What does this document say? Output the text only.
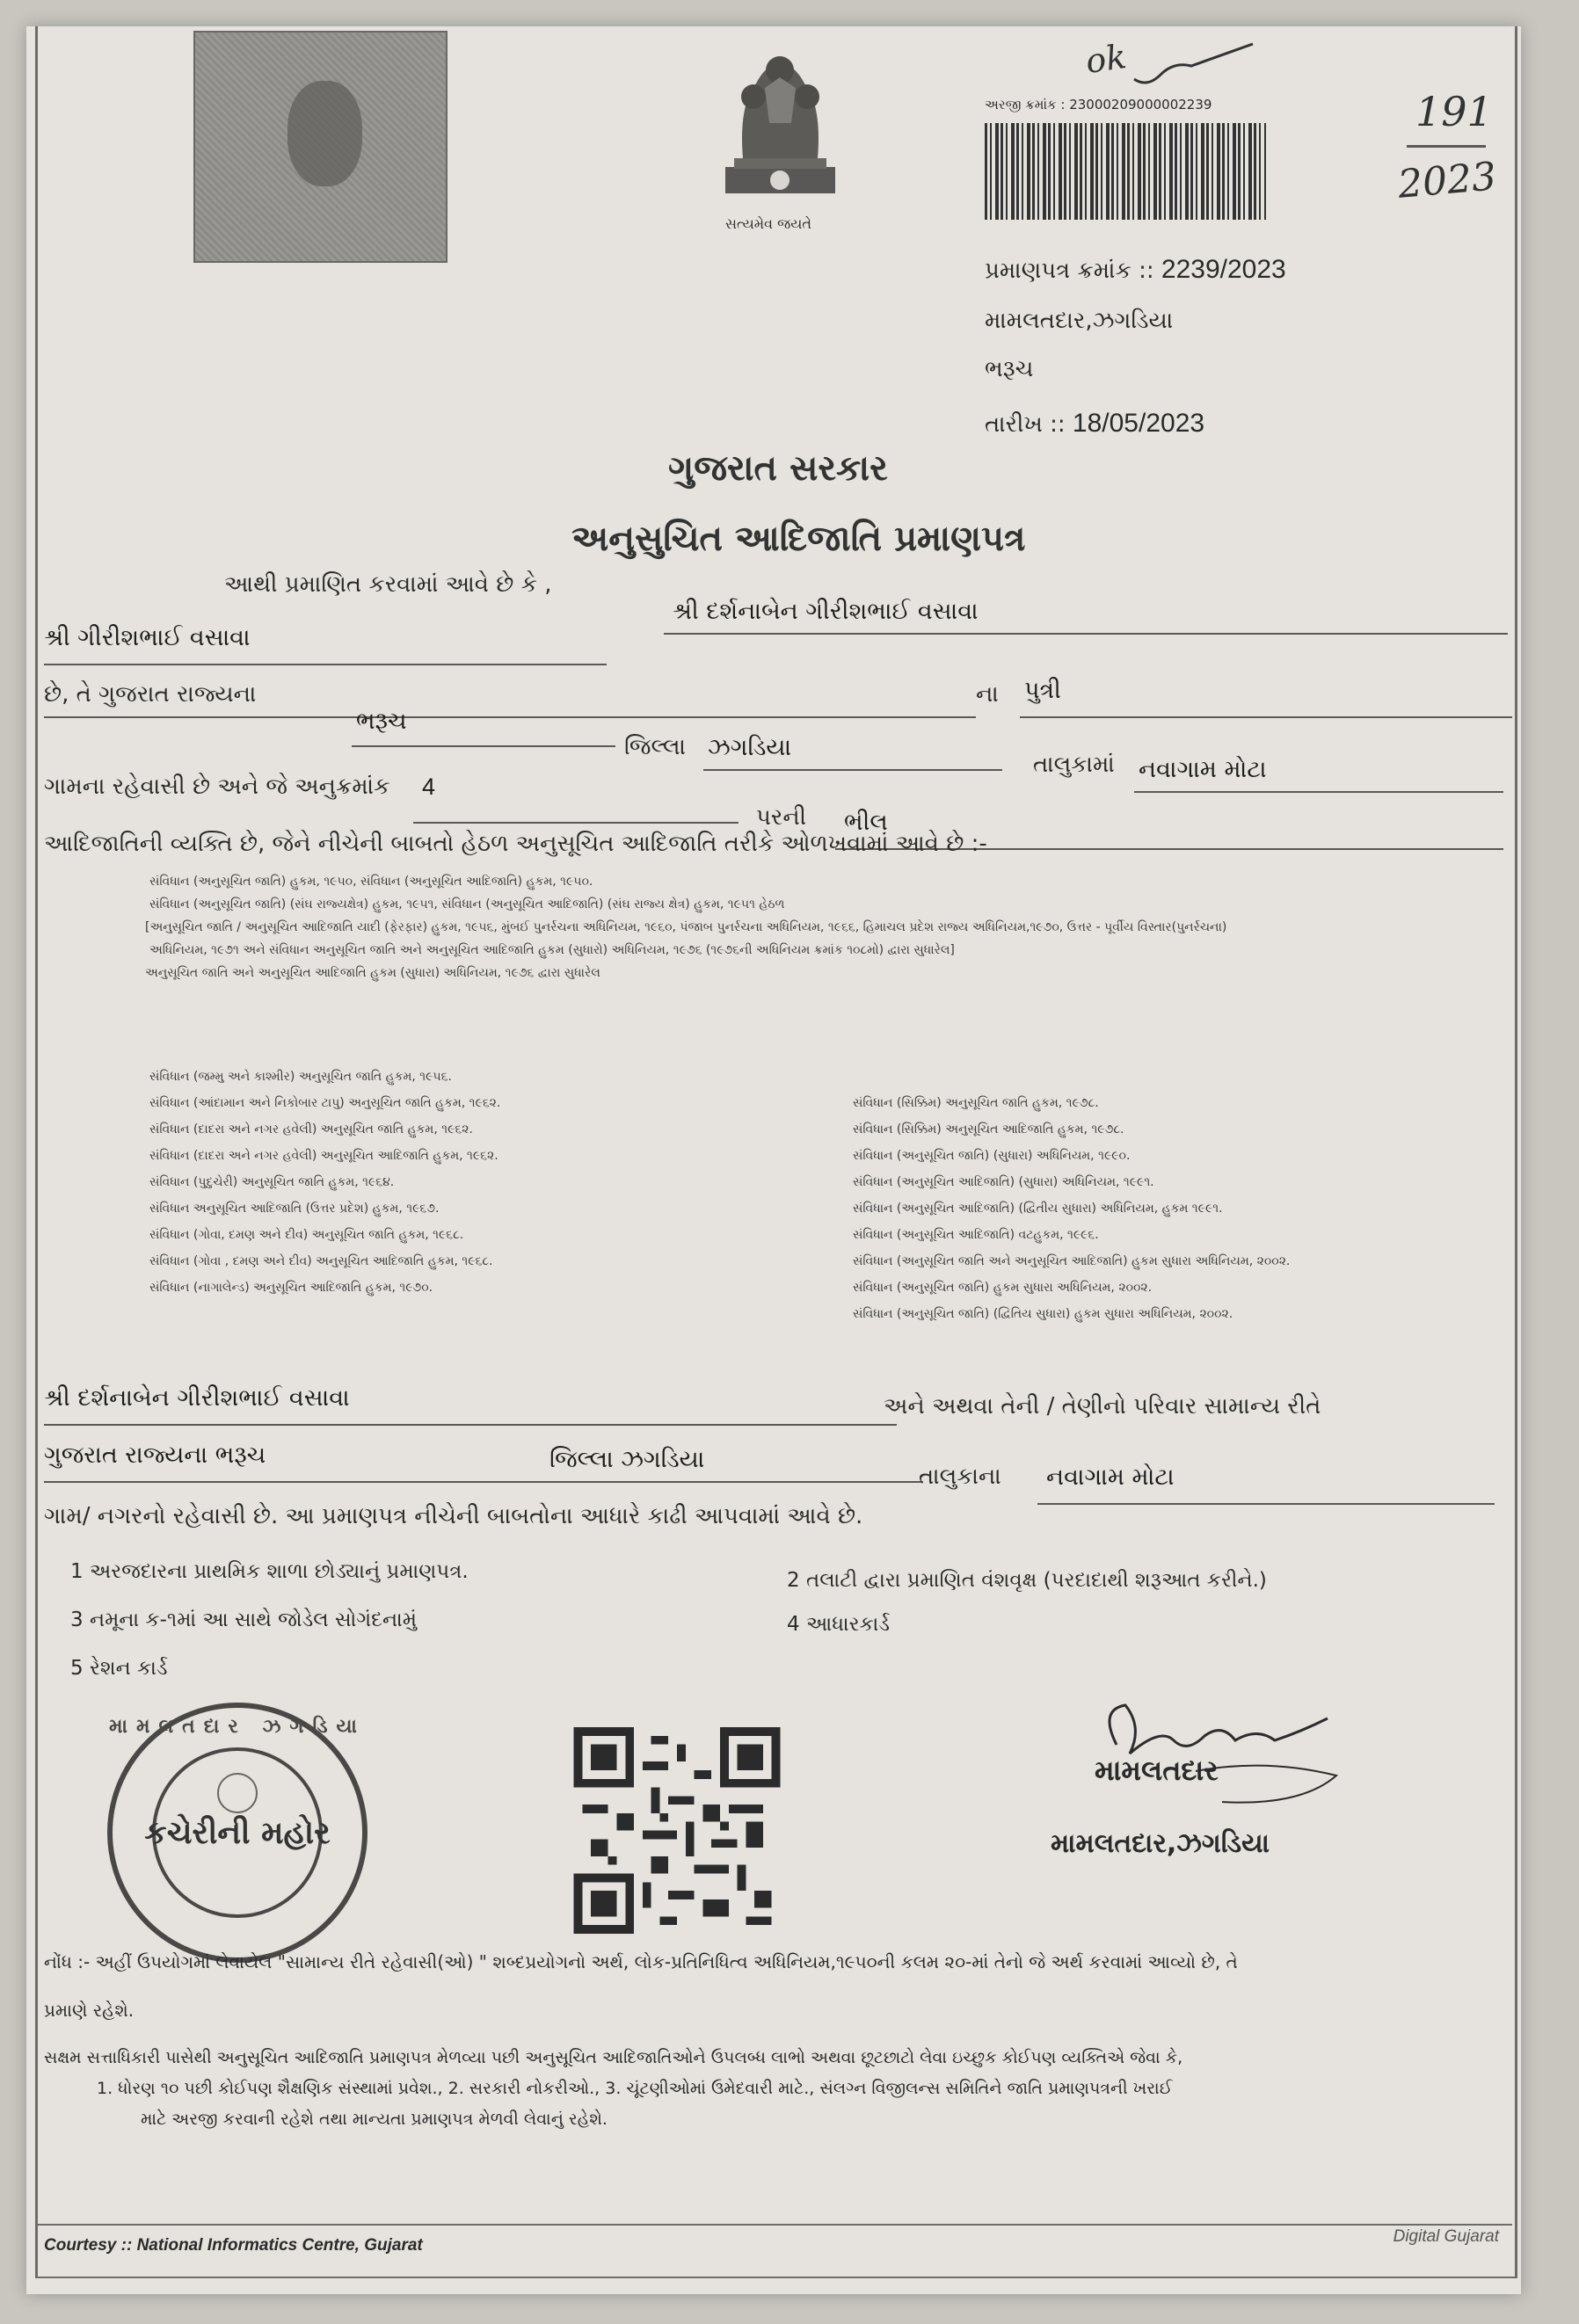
સત્યમેવ જયતે
અરજી ક્રમાંક : 23000209000002239
ok
191
2023
પ્રમાણપત્ર ક્રમાંક :: 2239/2023
મામલતદાર,ઝગડિયા
ભરૂચ
તારીખ :: 18/05/2023
ગુજરાત સરકાર
અનુસુચિત આદિજાતિ પ્રમાણપત્ર
આથી પ્રમાણિત કરવામાં આવે છે કે ,
શ્રી દર્શનાબેન ગીરીશભાઈ વસાવા
શ્રી ગીરીશભાઈ વસાવા
છે, તે ગુજરાત રાજ્યના	ના પુત્રી
ભરૂચ
જિલ્લા ઝગડિયા
તાલુકામાં નવાગામ મોટા
ગામના રહેવાસી છે અને જે અનુક્રમાંક 4
પરની ભીલ
આદિજાતિની વ્યક્તિ છે, જેને નીચેની બાબતો હેઠળ અનુસૂચિત આદિજાતિ તરીકે ઓળખવામાં આવે છે :-
સંવિધાન (અનુસૂચિત જાતિ) હુકમ, ૧૯૫૦, સંવિધાન (અનુસૂચિત આદિજાતિ) હુકમ, ૧૯૫૦.
સંવિધાન (અનુસૂચિત જાતિ) (સંઘ રાજ્યક્ષેત્ર) હુકમ, ૧૯૫૧, સંવિધાન (અનુસૂચિત આદિજાતિ) (સંઘ રાજ્ય ક્ષેત્ર) હુકમ, ૧૯૫૧ હેઠળ
[અનુસૂચિત જાતિ / અનુસૂચિત આદિજાતિ યાદી (ફેરફાર) હુકમ, ૧૯૫૬, મુંબઈ પુનર્રચના અધિનિયમ, ૧૯૬૦, પંજાબ પુનર્રચના અધિનિયમ, ૧૯૬૬, હિમાચલ પ્રદેશ રાજ્ય અધિનિયમ,૧૯૭૦, ઉત્તર - પૂર્વીય વિસ્તાર(પુનર્રચના)
અધિનિયમ, ૧૯૭૧ અને સંવિધાન અનુસૂચિત જાતિ અને અનુસૂચિત આદિજાતિ હુકમ (સુધારો) અધિનિયમ, ૧૯૭૬ (૧૯૭૬ની અધિનિયમ ક્રમાંક ૧૦૮મો) દ્વારા સુધારેલ]
અનુસૂચિત જાતિ અને અનુસૂચિત આદિજાતિ હુકમ (સુધારા) અધિનિયમ, ૧૯૭૬ દ્વારા સુધારેલ
સંવિધાન (જમ્મુ અને કાશ્મીર) અનુસૂચિત જાતિ હુકમ, ૧૯૫૬.
સંવિધાન (આંદામાન અને નિકોબાર ટાપુ) અનુસૂચિત જાતિ હુકમ, ૧૯૬૨.
સંવિધાન (દાદરા અને નગર હવેલી) અનુસૂચિત જાતિ હુકમ, ૧૯૬૨.
સંવિધાન (દાદરા અને નગર હવેલી) અનુસૂચિત આદિજાતિ હુકમ, ૧૯૬૨.
સંવિધાન (પુદુચેરી) અનુસૂચિત જાતિ હુકમ, ૧૯૬૪.
સંવિધાન અનુસૂચિત આદિજાતિ (ઉત્તર પ્રદેશ) હુકમ, ૧૯૬૭.
સંવિધાન (ગોવા, દમણ અને દીવ) અનુસૂચિત જાતિ હુકમ, ૧૯૬૮.
સંવિધાન (ગોવા , દમણ અને દીવ) અનુસૂચિત આદિજાતિ હુકમ, ૧૯૬૮.
સંવિધાન (નાગાલેન્ડ) અનુસૂચિત આદિજાતિ હુકમ, ૧૯૭૦.
સંવિધાન (સિક્કિમ) અનુસૂચિત જાતિ હુકમ, ૧૯૭૮.
સંવિધાન (સિક્કિમ) અનુસૂચિત આદિજાતિ હુકમ, ૧૯૭૮.
સંવિધાન (અનુસૂચિત જાતિ) (સુધારા) અધિનિયમ, ૧૯૯૦.
સંવિધાન (અનુસૂચિત આદિજાતિ) (સુધારા) અધિનિયમ, ૧૯૯૧.
સંવિધાન (અનુસૂચિત આદિજાતિ) (દ્વિતીય સુધારા) અધિનિયમ, હુકમ ૧૯૯૧.
સંવિધાન (અનુસૂચિત આદિજાતિ) વટહુકમ, ૧૯૯૬.
સંવિધાન (અનુસૂચિત જાતિ અને અનુસૂચિત આદિજાતિ) હુકમ સુધારા અધિનિયમ, ૨૦૦૨.
સંવિધાન (અનુસૂચિત જાતિ) હુકમ સુધારા અધિનિયમ, ૨૦૦૨.
સંવિધાન (અનુસૂચિત જાતિ) (દ્વિતિય સુધારા) હુકમ સુધારા અધિનિયમ, ૨૦૦૨.
શ્રી દર્શનાબેન ગીરીશભાઈ વસાવા	અને અથવા તેની / તેણીનો પરિવાર સામાન્ય રીતે
ગુજરાત રાજ્યના ભરૂચ	જિલ્લા ઝગડિયા
તાલુકાના નવાગામ મોટા
ગામ/ નગરનો રહેવાસી છે. આ પ્રમાણપત્ર નીચેની બાબતોના આધારે કાઢી આપવામાં આવે છે.
1 અરજદારના પ્રાથમિક શાળા છોડ્યાનું પ્રમાણપત્ર.	2 તલાટી દ્વારા પ્રમાણિત વંશવૃક્ષ (પરદાદાથી શરૂઆત કરીને.)
3 નમૂના ક-૧માં આ સાથે જોડેલ સોગંદનામું	4 આધારકાર્ડ
5 રેશન કાર્ડ
મામલતદાર ઝગડિયા
કચેરીની મહોર
મામલતદાર
મામલતદાર,ઝગડિયા
નોંધ :- અહીં ઉપયોગમાં લેવાયેલ "સામાન્ય રીતે રહેવાસી(ઓ) " શબ્દપ્રયોગનો અર્થ, લોક-પ્રતિનિધિત્વ અધિનિયમ,૧૯૫૦ની કલમ ૨૦-માં તેનો જે અર્થ કરવામાં આવ્યો છે, તે
પ્રમાણે રહેશે.
સક્ષમ સત્તાધિકારી પાસેથી અનુસૂચિત આદિજાતિ પ્રમાણપત્ર મેળવ્યા પછી અનુસૂચિત આદિજાતિઓને ઉપલબ્ધ લાભો અથવા છૂટછાટો લેવા ઇચ્છુક કોઈપણ વ્યક્તિએ જેવા કે,
1. ધોરણ ૧૦ પછી કોઈપણ શૈક્ષણિક સંસ્થામાં પ્રવેશ., 2. સરકારી નોકરીઓ., 3. ચૂંટણીઓમાં ઉમેદવારી માટે., સંલગ્ન વિજીલન્સ સમિતિને જાતિ પ્રમાણપત્રની ખરાઈ
માટે અરજી કરવાની રહેશે તથા માન્યતા પ્રમાણપત્ર મેળવી લેવાનું રહેશે.
Courtesy :: National Informatics Centre, Gujarat	Digital Gujarat
